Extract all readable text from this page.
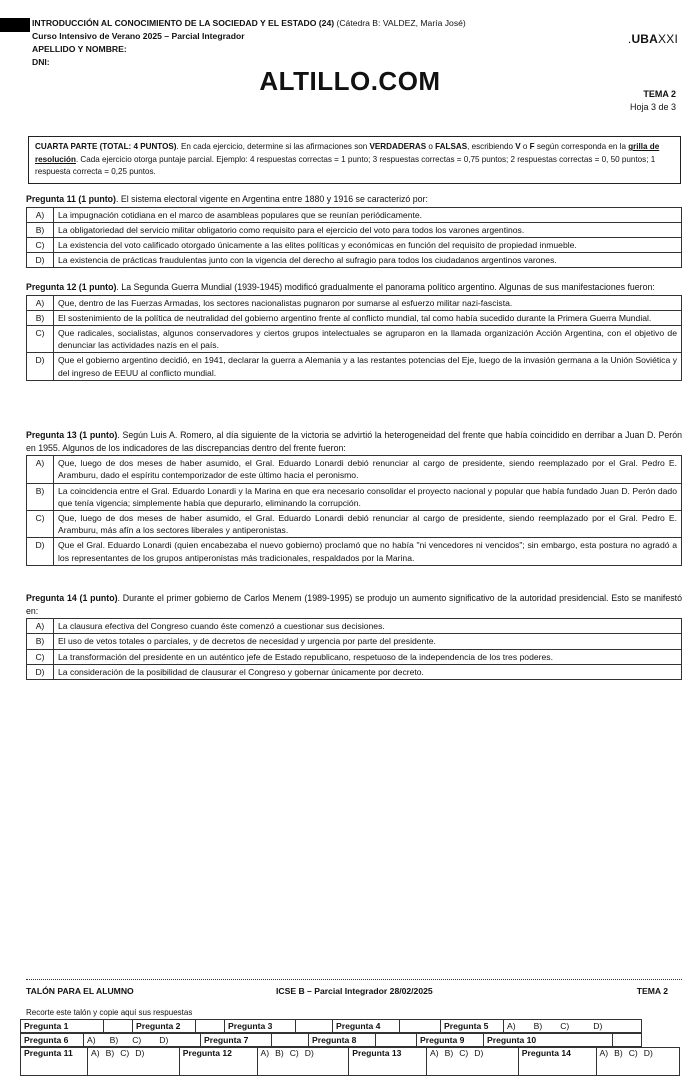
INTRODUCCIÓN AL CONOCIMIENTO DE LA SOCIEDAD Y EL ESTADO (24) (Cátedra B: VALDEZ, María José)
Curso Intensivo de Verano 2025 – Parcial Integrador
APELLIDO Y NOMBRE:
DNI:
.UBAXXI
ALTILLO.COM	TEMA 2
Hoja 3 de 3
CUARTA PARTE (TOTAL: 4 PUNTOS). En cada ejercicio, determine si las afirmaciones son VERDADERAS o FALSAS, escribiendo V o F según corresponda en la grilla de resolución. Cada ejercicio otorga puntaje parcial. Ejemplo: 4 respuestas correctas = 1 punto; 3 respuestas correctas = 0,75 puntos; 2 respuestas correctas = 0, 50 puntos; 1 respuesta correcta = 0,25 puntos.
Pregunta 11 (1 punto). El sistema electoral vigente en Argentina entre 1880 y 1916 se caracterizó por:
A)	La impugnación cotidiana en el marco de asambleas populares que se reunían periódicamente.
B)	La obligatoriedad del servicio militar obligatorio como requisito para el ejercicio del voto para todos los varones argentinos.
C)	La existencia del voto calificado otorgado únicamente a las elites políticas y económicas en función del requisito de propiedad inmueble.
D)	La existencia de prácticas fraudulentas junto con la vigencia del derecho al sufragio para todos los ciudadanos argentinos varones.
Pregunta 12 (1 punto). La Segunda Guerra Mundial (1939-1945) modificó gradualmente el panorama político argentino. Algunas de sus manifestaciones fueron:
A)	Que, dentro de las Fuerzas Armadas, los sectores nacionalistas pugnaron por sumarse al esfuerzo militar nazi-fascista.
B)	El sostenimiento de la política de neutralidad del gobierno argentino frente al conflicto mundial, tal como había sucedido durante la Primera Guerra Mundial.
C)	Que radicales, socialistas, algunos conservadores y ciertos grupos intelectuales se agruparon en la llamada organización Acción Argentina, con el objetivo de denunciar las actividades nazis en el país.
D)	Que el gobierno argentino decidió, en 1941, declarar la guerra a Alemania y a las restantes potencias del Eje, luego de la invasión germana a la Unión Soviética y del ingreso de EEUU al conflicto mundial.
Pregunta 13 (1 punto). Según Luis A. Romero, al día siguiente de la victoria se advirtió la heterogeneidad del frente que había coincidido en derribar a Juan D. Perón en 1955. Algunos de los indicadores de las discrepancias dentro del frente fueron:
A)	Que, luego de dos meses de haber asumido, el Gral. Eduardo Lonardi debió renunciar al cargo de presidente, siendo reemplazado por el Gral. Pedro E. Aramburu, dado el espíritu contemporizador de este último hacia el peronismo.
B)	La coincidencia entre el Gral. Eduardo Lonardi y la Marina en que era necesario consolidar el proyecto nacional y popular que había fundado Juan D. Perón dado que tenía vigencia; simplemente había que depurarlo, eliminando la corrupción.
C)	Que, luego de dos meses de haber asumido, el Gral. Eduardo Lonardi debió renunciar al cargo de presidente, siendo reemplazado por el Gral. Pedro E. Aramburu, más afín a los sectores liberales y antiperonistas.
D)	Que el Gral. Eduardo Lonardi (quien encabezaba el nuevo gobierno) proclamó que no había "ni vencedores ni vencidos"; sin embargo, esta postura no agradó a los representantes de los grupos antiperonistas más tradicionales, respaldados por la Marina.
Pregunta 14 (1 punto). Durante el primer gobierno de Carlos Menem (1989-1995) se produjo un aumento significativo de la autoridad presidencial. Esto se manifestó en:
A)	La clausura efectiva del Congreso cuando éste comenzó a cuestionar sus decisiones.
B)	El uso de vetos totales o parciales, y de decretos de necesidad y urgencia por parte del presidente.
C)	La transformación del presidente en un auténtico jefe de Estado republicano, respetuoso de la independencia de los tres poderes.
D)	La consideración de la posibilidad de clausurar el Congreso y gobernar únicamente por decreto.
TALÓN PARA EL ALUMNO	ICSE B – Parcial Integrador 28/02/2025	TEMA 2
Recorte este talón y copie aquí sus respuestas
Pregunta 1		Pregunta 2		Pregunta 3		Pregunta 4		Pregunta 5	A) B) C)	D)
Pregunta 6	A) B) C) D)	Pregunta 7		Pregunta 8		Pregunta 9	Pregunta 10	
Pregunta 11	A) B) C) D)	Pregunta 12	A) B) C) D)	Pregunta 13	A) B) C) D)	Pregunta 14	A) B) C) D)
